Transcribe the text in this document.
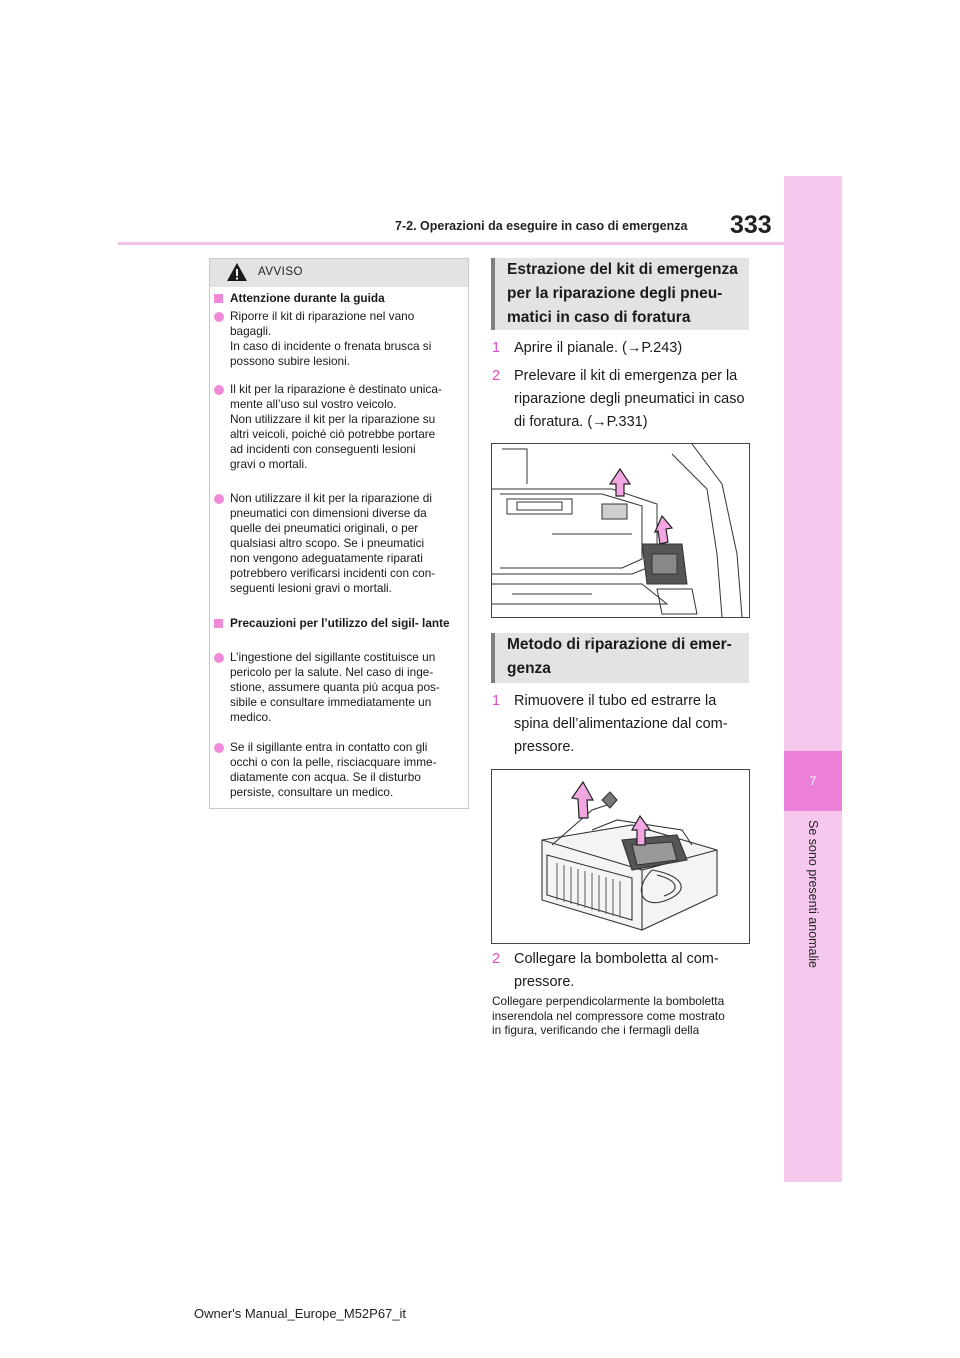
7-2. Operazioni da eseguire in caso di emergenza 333
7
Se sono presenti anomalie
AVVISO
Attenzione durante la guida
Riporre il kit di riparazione nel vano
bagagli.
In caso di incidente o frenata brusca si
possono subire lesioni.
Il kit per la riparazione è destinato unica-
mente all’uso sul vostro veicolo.
Non utilizzare il kit per la riparazione su
altri veicoli, poiché ciò potrebbe portare
ad incidenti con conseguenti lesioni
gravi o mortali.
Non utilizzare il kit per la riparazione di
pneumatici con dimensioni diverse da
quelle dei pneumatici originali, o per
qualsiasi altro scopo. Se i pneumatici
non vengono adeguatamente riparati
potrebbero verificarsi incidenti con con-
seguenti lesioni gravi o mortali.
Precauzioni per l’utilizzo del sigil- lante
L’ingestione del sigillante costituisce un
pericolo per la salute. Nel caso di inge-
stione, assumere quanta più acqua pos-
sibile e consultare immediatamente un
medico.
Se il sigillante entra in contatto con gli
occhi o con la pelle, risciacquare imme-
diatamente con acqua. Se il disturbo
persiste, consultare un medico.
Estrazione del kit di emergenza
per la riparazione degli pneu-
matici in caso di foratura
1 Aprire il pianale. (→P.243)
2 Prelevare il kit di emergenza per la
riparazione degli pneumatici in caso
di foratura. (→P.331)
Metodo di riparazione di emer-
genza
1 Rimuovere il tubo ed estrarre la
spina dell’alimentazione dal com-
pressore.
2 Collegare la bomboletta al com-
pressore.
Collegare perpendicolarmente la bomboletta
inserendola nel compressore come mostrato
in figura, verificando che i fermagli della
Owner's Manual_Europe_M52P67_it
